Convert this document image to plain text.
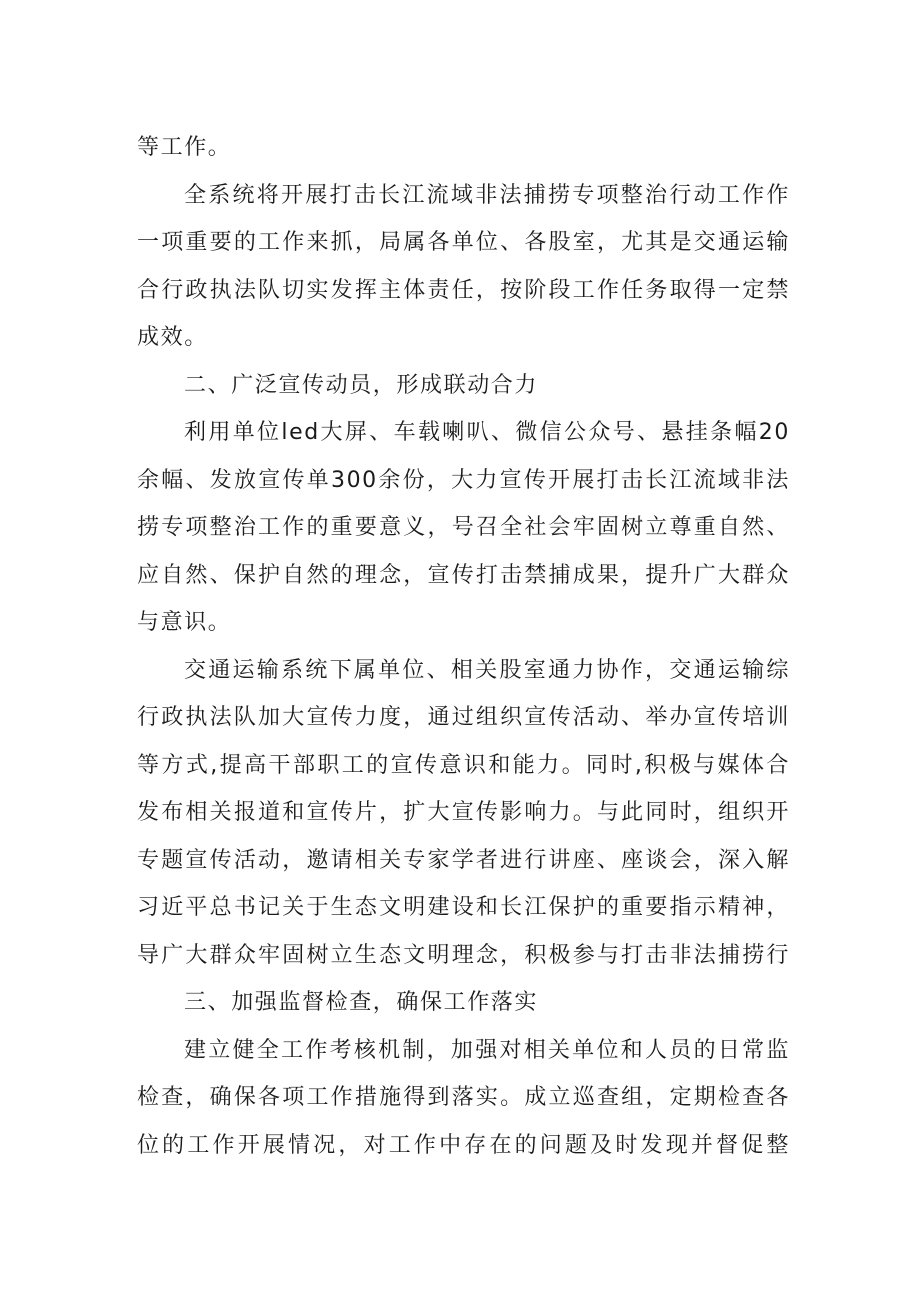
等工作。
全系统将开展打击长江流域非法捕捞专项整治行动工作作
一项重要的工作来抓，局属各单位、各股室，尤其是交通运输
合行政执法队切实发挥主体责任，按阶段工作任务取得一定禁
成效。
二、广泛宣传动员，形成联动合力
利用单位led大屏、车载喇叭、微信公众号、悬挂条幅20
余幅、发放宣传单300余份，大力宣传开展打击长江流域非法
捞专项整治工作的重要意义，号召全社会牢固树立尊重自然、
应自然、保护自然的理念，宣传打击禁捕成果，提升广大群众
与意识。
交通运输系统下属单位、相关股室通力协作，交通运输综
行政执法队加大宣传力度，通过组织宣传活动、举办宣传培训
等方式,提高干部职工的宣传意识和能力。同时,积极与媒体合
发布相关报道和宣传片，扩大宣传影响力。与此同时，组织开
专题宣传活动，邀请相关专家学者进行讲座、座谈会，深入解
习近平总书记关于生态文明建设和长江保护的重要指示精神，
导广大群众牢固树立生态文明理念，积极参与打击非法捕捞行
三、加强监督检查，确保工作落实
建立健全工作考核机制，加强对相关单位和人员的日常监
检查，确保各项工作措施得到落实。成立巡查组，定期检查各
位的工作开展情况，对工作中存在的问题及时发现并督促整
